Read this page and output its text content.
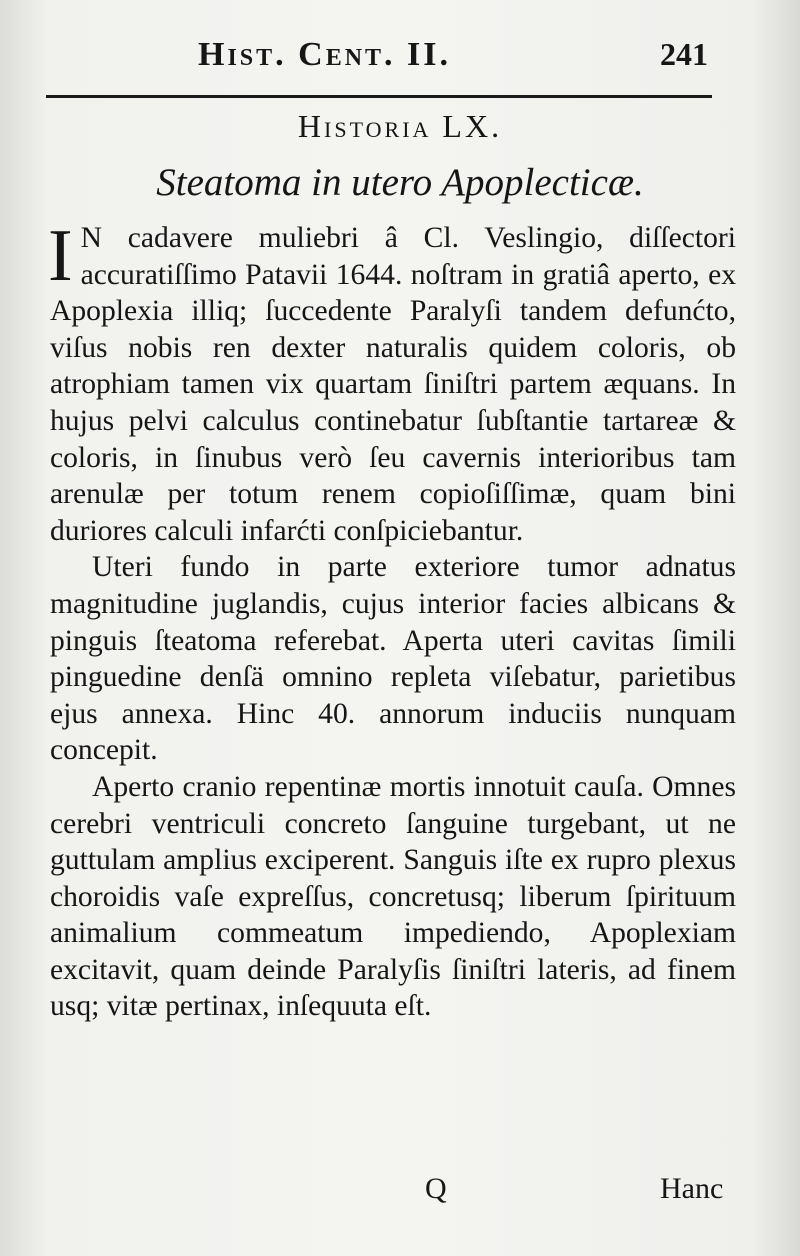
Hist. Cent. II.	241
Historia LX.
Steatoma in utero Apoplecticæ.

I N cadavere muliebri â Cl. Veslingio, diſſectori accuratiſſimo Patavii 1644. noſtram in gratiâ aperto, ex Apoplexia illiq; ſuccedente Paralyſi tandem defunćto, viſus nobis ren dexter naturalis quidem coloris, ob atrophiam tamen vix quartam ſiniſtri partem æquans. In hujus pelvi calculus continebatur ſubſtantie tartareæ & coloris, in ſinubus verò ſeu cavernis interioribus tam arenulæ per totum renem copioſiſſimæ, quam bini duriores calculi infarćti conſpiciebantur.

Uteri fundo in parte exteriore tumor adnatus magnitudine juglandis, cujus interior facies albicans & pinguis ſteatoma referebat. Aperta uteri cavitas ſimili pinguedine denſä omnino repleta viſebatur, parietibus ejus annexa. Hinc 40. annorum induciis nunquam concepit.

Aperto cranio repentinæ mortis innotuit cauſa. Omnes cerebri ventriculi concreto ſanguine turgebant, ut ne guttulam amplius exciperent. Sanguis iſte ex rupro plexus choroidis vaſe expreſſus, concretusq; liberum ſpirituum animalium commeatum impediendo, Apoplexiam excitavit, quam deinde Paralyſis ſiniſtri lateris, ad finem usq; vitæ pertinax, inſequuta eſt.

Q	Hanc
